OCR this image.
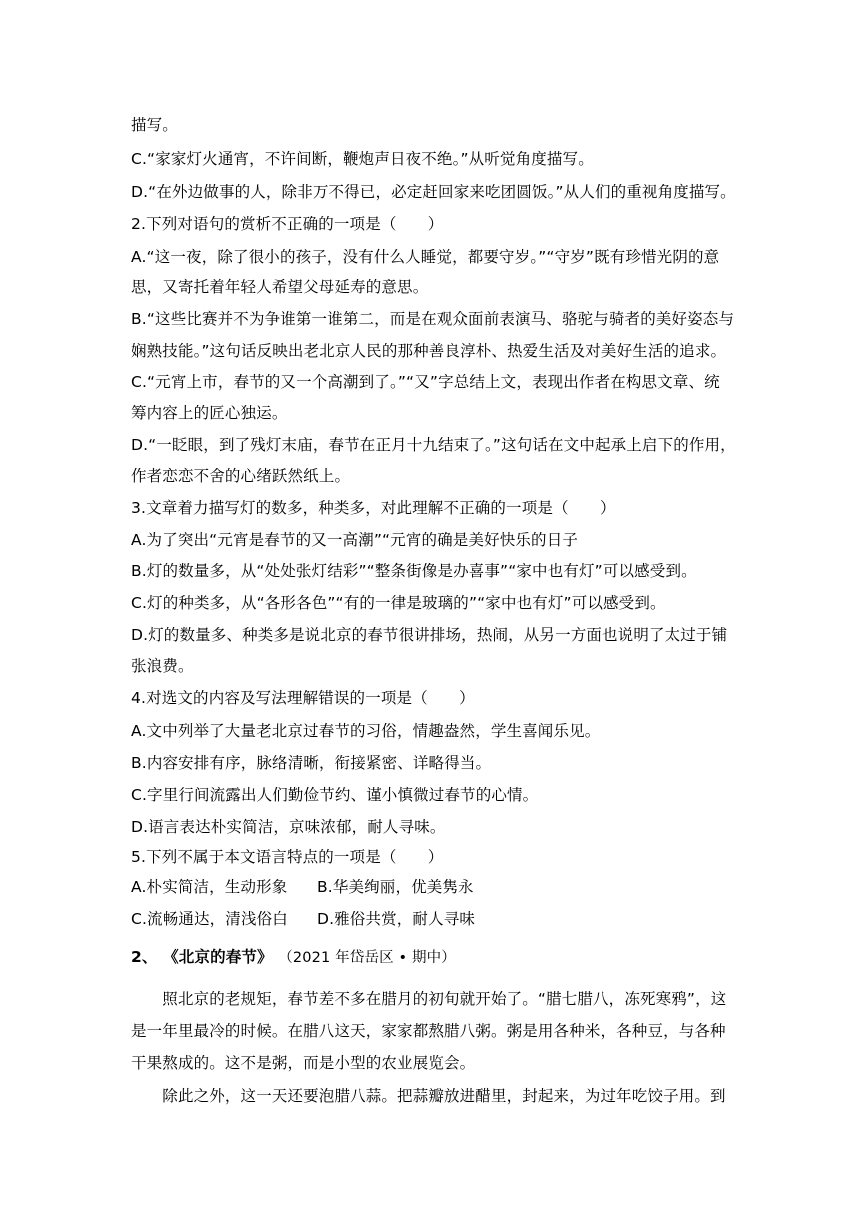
描写。
C.“家家灯火通宵，不许间断，鞭炮声日夜不绝。”从听觉角度描写。
D.“在外边做事的人，除非万不得已，必定赶回家来吃团圆饭。”从人们的重视角度描写。
2.下列对语句的赏析不正确的一项是（　　）
A.“这一夜，除了很小的孩子，没有什么人睡觉，都要守岁。”“守岁”既有珍惜光阴的意
思，又寄托着年轻人希望父母延寿的意思。
B.“这些比赛并不为争谁第一谁第二，而是在观众面前表演马、骆驼与骑者的美好姿态与
娴熟技能。”这句话反映出老北京人民的那种善良淳朴、热爱生活及对美好生活的追求。
C.“元宵上市，春节的又一个高潮到了。”“又”字总结上文，表现出作者在构思文章、统
筹内容上的匠心独运。
D.“一眨眼，到了残灯末庙，春节在正月十九结束了。”这句话在文中起承上启下的作用，
作者恋恋不舍的心绪跃然纸上。
3.文章着力描写灯的数多，种类多，对此理解不正确的一项是（　　）
A.为了突出“元宵是春节的又一高潮”“元宵的确是美好快乐的日子
B.灯的数量多，从“处处张灯结彩”“整条街像是办喜事”“家中也有灯”可以感受到。
C.灯的种类多，从“各形各色”“有的一律是玻璃的”“家中也有灯”可以感受到。
D.灯的数量多、种类多是说北京的春节很讲排场，热闹，从另一方面也说明了太过于铺
张浪费。
4.对选文的内容及写法理解错误的一项是（　　）
A.文中列举了大量老北京过春节的习俗，情趣盎然，学生喜闻乐见。
B.内容安排有序，脉络清晰，衔接紧密、详略得当。
C.字里行间流露出人们勤俭节约、谨小慎微过春节的心情。
D.语言表达朴实简洁，京味浓郁，耐人寻味。
5.下列不属于本文语言特点的一项是（　　）
A.朴实简洁，生动形象 B.华美绚丽，优美隽永
C.流畅通达，清浅俗白 D.雅俗共赏，耐人寻味
2、 《北京的春节》 （2021 年岱岳区 • 期中）
　　照北京的老规矩，春节差不多在腊月的初旬就开始了。“腊七腊八，冻死寒鸦”，这
是一年里最冷的时候。在腊八这天，家家都熬腊八粥。粥是用各种米，各种豆，与各种
干果熬成的。这不是粥，而是小型的农业展览会。
　　除此之外，这一天还要泡腊八蒜。把蒜瓣放进醋里，封起来，为过年吃饺子用。到
